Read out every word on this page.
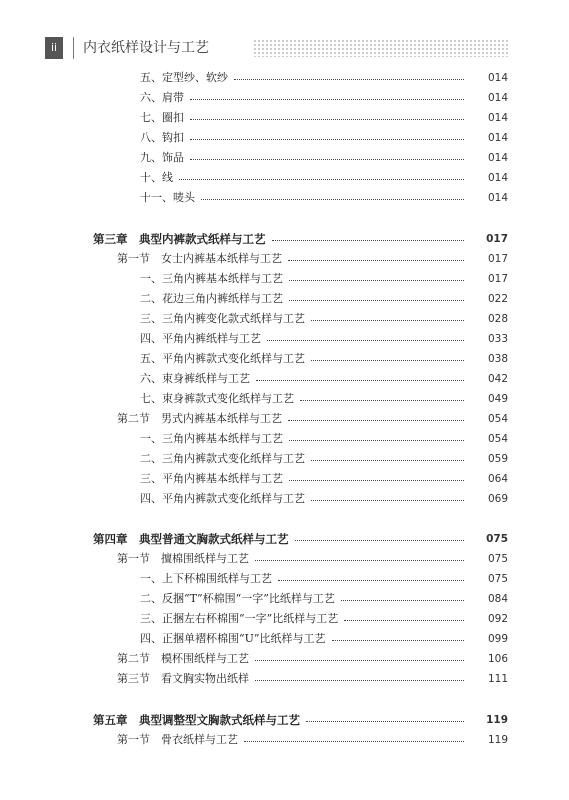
ii	内衣纸样设计与工艺
五、定型纱、软纱	014
六、肩带	014
七、圈扣	014
八、钩扣	014
九、饰品	014
十、线	014
十一、唛头	014
第三章　典型内裤款式纸样与工艺	017
第一节　女士内裤基本纸样与工艺	017
一、三角内裤基本纸样与工艺	017
二、花边三角内裤纸样与工艺	022
三、三角内裤变化款式纸样与工艺	028
四、平角内裤纸样与工艺	033
五、平角内裤款式变化纸样与工艺	038
六、束身裤纸样与工艺	042
七、束身裤款式变化纸样与工艺	049
第二节　男式内裤基本纸样与工艺	054
一、三角内裤基本纸样与工艺	054
二、三角内裤款式变化纸样与工艺	059
三、平角内裤基本纸样与工艺	064
四、平角内裤款式变化纸样与工艺	069
第四章　典型普通文胸款式纸样与工艺	075
第一节　擅棉围纸样与工艺	075
一、上下杯棉围纸样与工艺	075
二、反捆“T”杯棉围“一字”比纸样与工艺	084
三、正捆左右杯棉围“一字”比纸样与工艺	092
四、正捆单褶杯棉围“U”比纸样与工艺	099
第二节　模杯围纸样与工艺	106
第三节　看文胸实物出纸样	111
第五章　典型调整型文胸款式纸样与工艺	119
第一节　骨衣纸样与工艺	119
